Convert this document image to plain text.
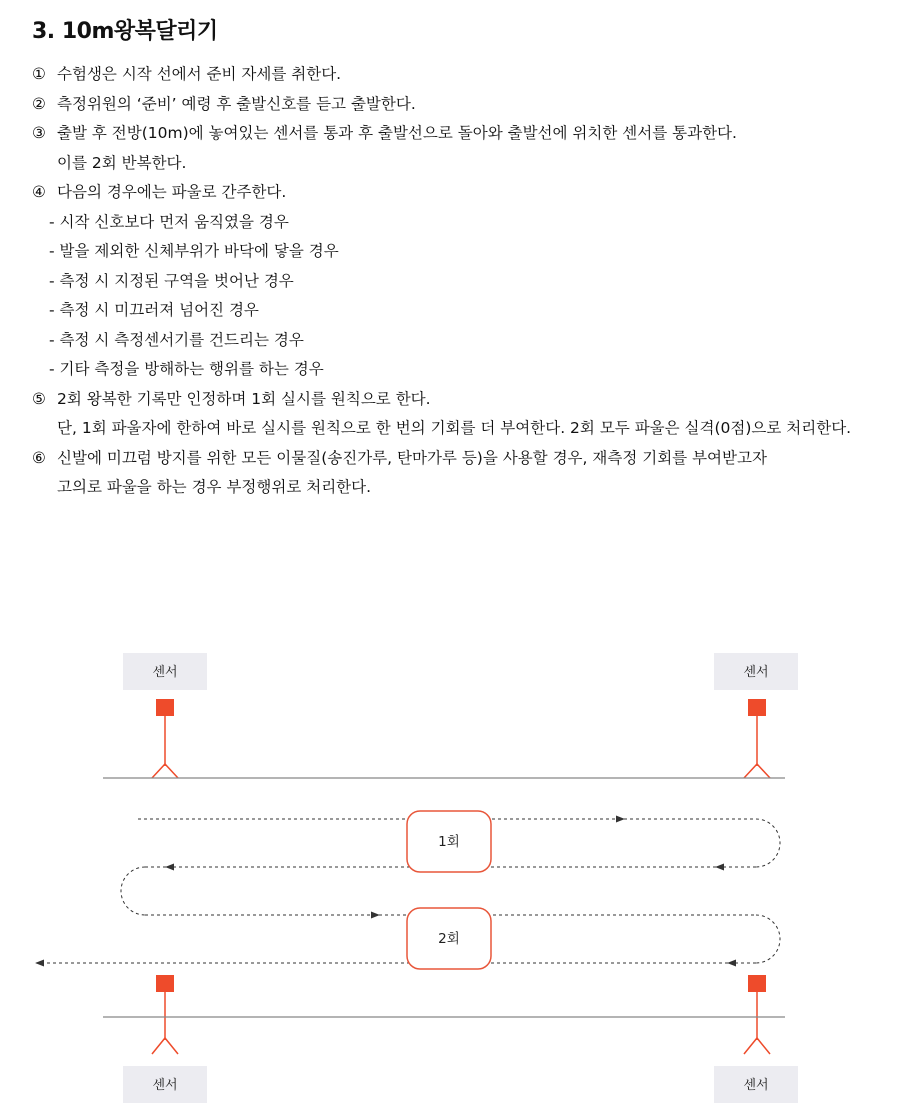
3. 10m왕복달리기
① 수험생은 시작 선에서 준비 자세를 취한다.
② 측정위원의 ‘준비’ 예령 후 출발신호를 듣고 출발한다.
③ 출발 후 전방(10m)에 놓여있는 센서를 통과 후 출발선으로 돌아와 출발선에 위치한 센서를 통과한다.
이를 2회 반복한다.
④ 다음의 경우에는 파울로 간주한다.
- 시작 신호보다 먼저 움직였을 경우
- 발을 제외한 신체부위가 바닥에 닿을 경우
- 측정 시 지정된 구역을 벗어난 경우
- 측정 시 미끄러져 넘어진 경우
- 측정 시 측정센서기를 건드리는 경우
- 기타 측정을 방해하는 행위를 하는 경우
⑤ 2회 왕복한 기록만 인정하며 1회 실시를 원칙으로 한다.
단, 1회 파울자에 한하여 바로 실시를 원칙으로 한 번의 기회를 더 부여한다. 2회 모두 파울은 실격(0점)으로 처리한다.
⑥ 신발에 미끄럼 방지를 위한 모든 이물질(송진가루, 탄마가루 등)을 사용할 경우, 재측정 기회를 부여받고자
고의로 파울을 하는 경우 부정행위로 처리한다.
센서	센서
1회
2회
센서	센서
